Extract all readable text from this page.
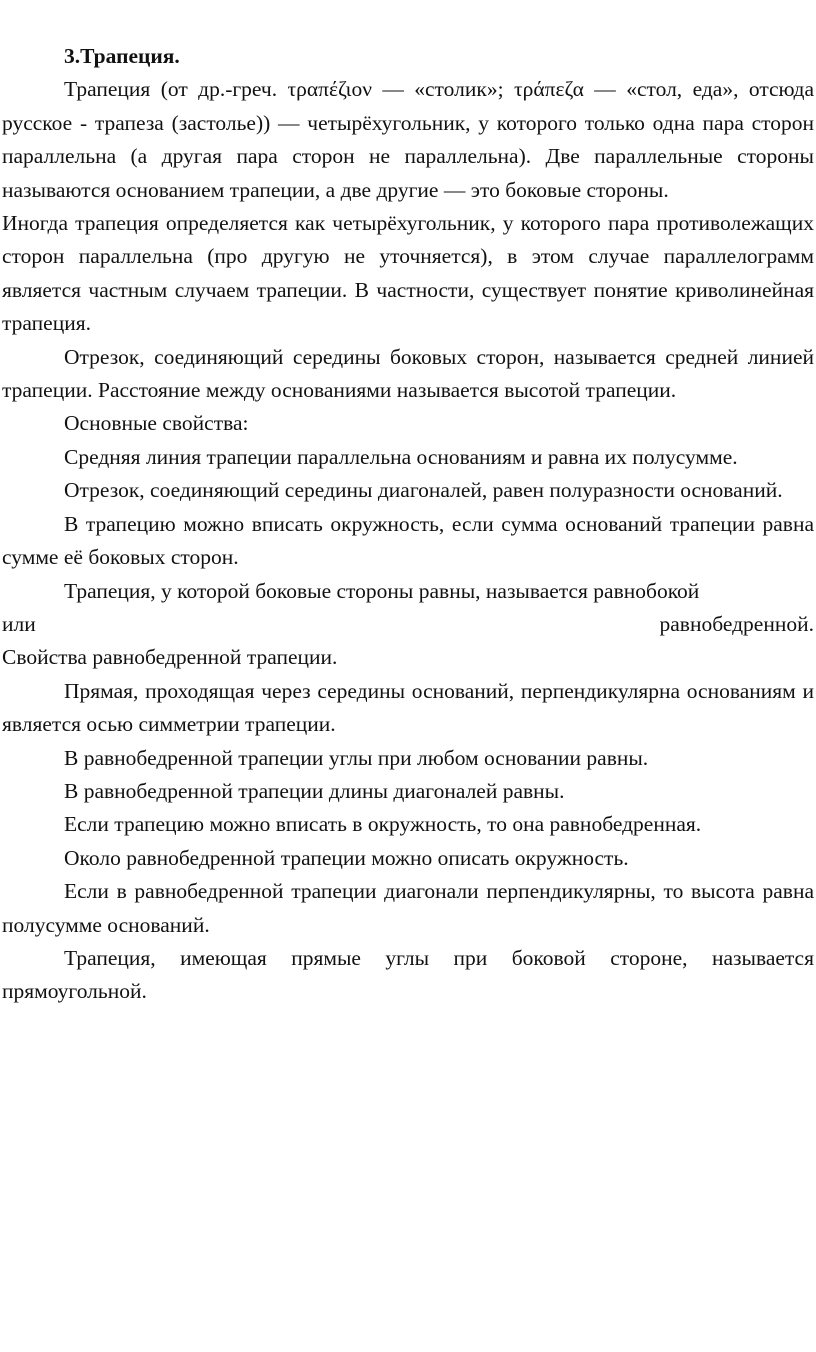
3.Трапеция.

Трапеция (от др.-греч. τραπέζιον — «столик»; τράπεζα — «стол, еда», отсюда русское - трапеза (застолье)) — четырёхугольник, у которого только одна пара сторон параллельна (а другая пара сторон не параллельна). Две параллельные стороны называются основанием трапеции, а две другие — это боковые стороны.

Иногда трапеция определяется как четырёхугольник, у которого пара противолежащих сторон параллельна (про другую не уточняется), в этом случае параллелограмм является частным случаем трапеции. В частности, существует понятие криволинейная трапеция.

Отрезок, соединяющий середины боковых сторон, называется средней линией трапеции. Расстояние между основаниями называется высотой трапеции.

Основные свойства:

Средняя линия трапеции параллельна основаниям и равна их полусумме.

Отрезок, соединяющий середины диагоналей, равен полуразности оснований.

В трапецию можно вписать окружность, если сумма оснований трапеции равна сумме её боковых сторон.

Трапеция, у которой боковые стороны равны, называется равнобокой

или	равнобедренной.

Свойства равнобедренной трапеции.

Прямая, проходящая через середины оснований, перпендикулярна основаниям и является осью симметрии трапеции.

В равнобедренной трапеции углы при любом основании равны.

В равнобедренной трапеции длины диагоналей равны.

Если трапецию можно вписать в окружность, то она равнобедренная.

Около равнобедренной трапеции можно описать окружность.

Если в равнобедренной трапеции диагонали перпендикулярны, то высота равна полусумме оснований.

Трапеция, имеющая прямые углы при боковой стороне, называется прямоугольной.
